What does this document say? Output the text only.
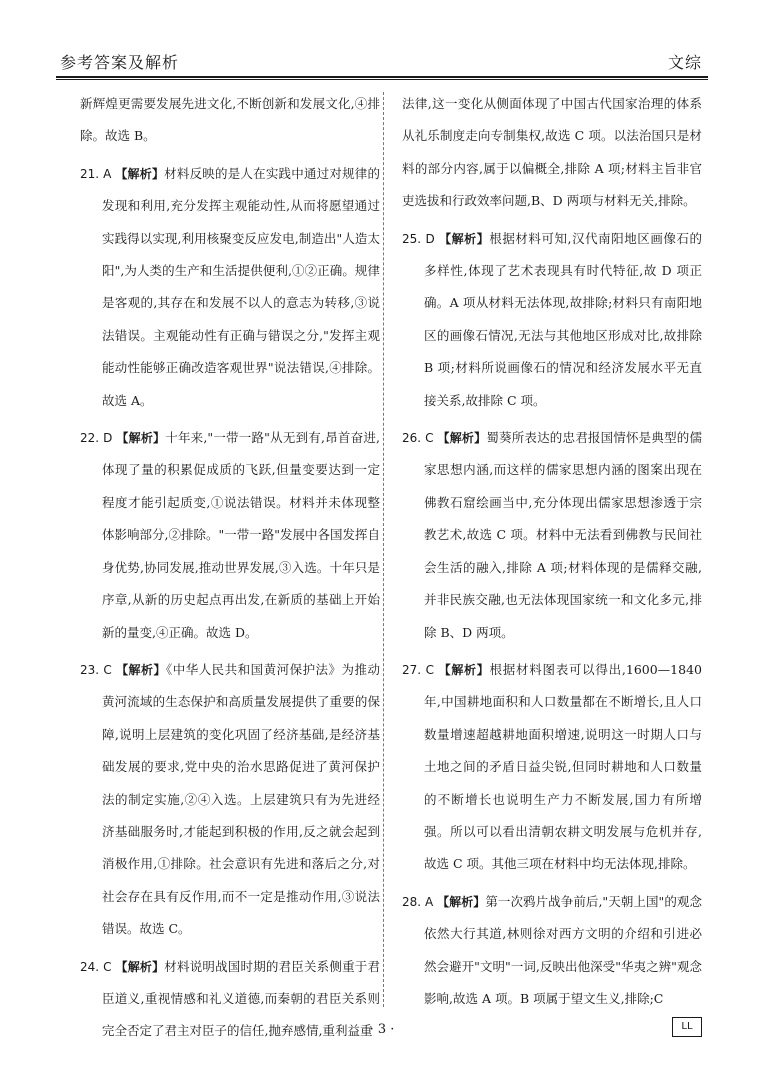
参考答案及解析	文综

新辉煌更需要发展先进文化,不断创新和发展文化,④排除。故选 B。

21. A 【解析】材料反映的是人在实践中通过对规律的发现和利用,充分发挥主观能动性,从而将愿望通过实践得以实现,利用核聚变反应发电,制造出"人造太阳",为人类的生产和生活提供便利,①②正确。规律是客观的,其存在和发展不以人的意志为转移,③说法错误。主观能动性有正确与错误之分,"发挥主观能动性能够正确改造客观世界"说法错误,④排除。故选 A。

22. D 【解析】十年来,"一带一路"从无到有,昂首奋进,体现了量的积累促成质的飞跃,但量变要达到一定程度才能引起质变,①说法错误。材料并未体现整体影响部分,②排除。"一带一路"发展中各国发挥自身优势,协同发展,推动世界发展,③入选。十年只是序章,从新的历史起点再出发,在新质的基础上开始新的量变,④正确。故选 D。

23. C 【解析】《中华人民共和国黄河保护法》为推动黄河流域的生态保护和高质量发展提供了重要的保障,说明上层建筑的变化巩固了经济基础,是经济基础发展的要求,党中央的治水思路促进了黄河保护法的制定实施,②④入选。上层建筑只有为先进经济基础服务时,才能起到积极的作用,反之就会起到消极作用,①排除。社会意识有先进和落后之分,对社会存在具有反作用,而不一定是推动作用,③说法错误。故选 C。

24. C 【解析】材料说明战国时期的君臣关系侧重于君臣道义,重视情感和礼义道德,而秦朝的君臣关系则完全否定了君主对臣子的信任,抛弃感情,重利益重

法律,这一变化从侧面体现了中国古代国家治理的体系从礼乐制度走向专制集权,故选 C 项。以法治国只是材料的部分内容,属于以偏概全,排除 A 项;材料主旨非官吏选拔和行政效率问题,B、D 两项与材料无关,排除。

25. D 【解析】根据材料可知,汉代南阳地区画像石的多样性,体现了艺术表现具有时代特征,故 D 项正确。A 项从材料无法体现,故排除;材料只有南阳地区的画像石情况,无法与其他地区形成对比,故排除 B 项;材料所说画像石的情况和经济发展水平无直接关系,故排除 C 项。

26. C 【解析】蜀葵所表达的忠君报国情怀是典型的儒家思想内涵,而这样的儒家思想内涵的图案出现在佛教石窟绘画当中,充分体现出儒家思想渗透于宗教艺术,故选 C 项。材料中无法看到佛教与民间社会生活的融入,排除 A 项;材料体现的是儒释交融,并非民族交融,也无法体现国家统一和文化多元,排除 B、D 两项。

27. C 【解析】根据材料图表可以得出,1600—1840 年,中国耕地面积和人口数量都在不断增长,且人口数量增速超越耕地面积增速,说明这一时期人口与土地之间的矛盾日益尖锐,但同时耕地和人口数量的不断增长也说明生产力不断发展,国力有所增强。所以可以看出清朝农耕文明发展与危机并存,故选 C 项。其他三项在材料中均无法体现,排除。

28. A 【解析】第一次鸦片战争前后,"天朝上国"的观念依然大行其道,林则徐对西方文明的介绍和引进必然会避开"文明"一词,反映出他深受"华夷之辨"观念影响,故选 A 项。B 项属于望文生义,排除;C

· 3 ·	LL
